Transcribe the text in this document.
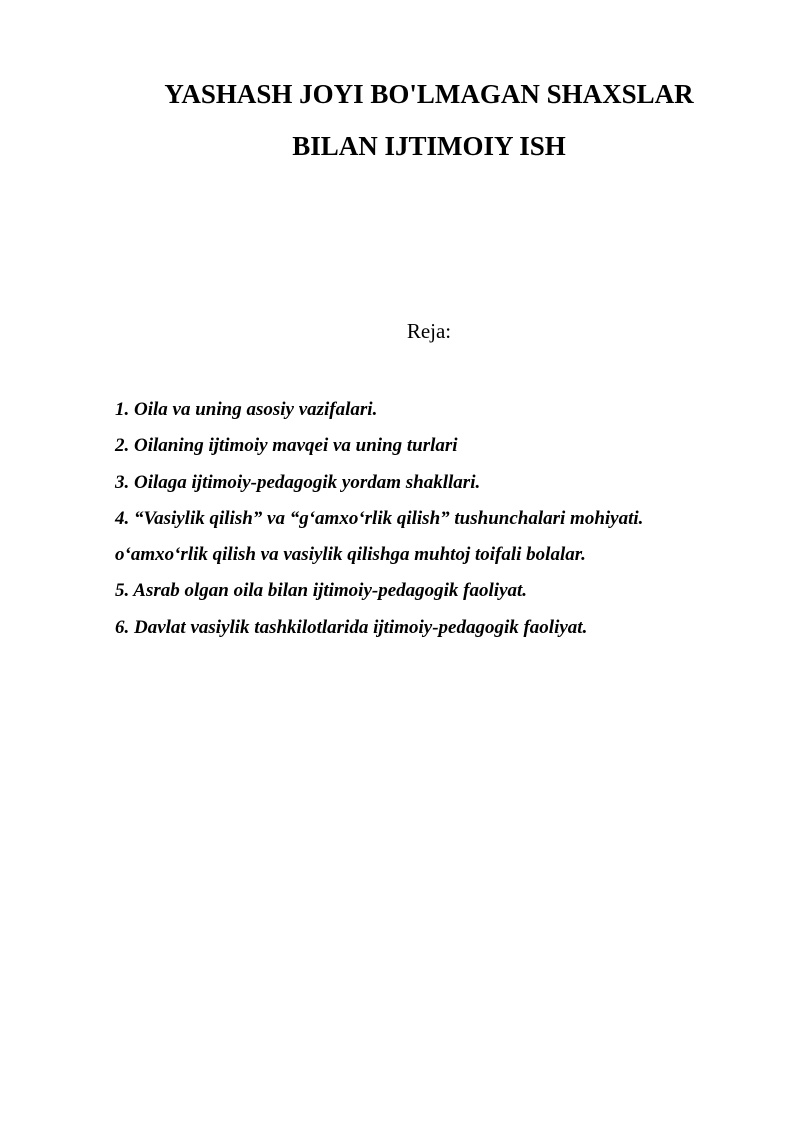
YASHASH JOYI BO'LMAGAN SHAXSLAR
BILAN IJTIMOIY ISH
Reja:
1. Oila va uning asosiy vazifalari.
2. Oilaning ijtimoiy mavqei va uning turlari
3. Oilaga ijtimoiy-pedagogik yordam shakllari.
4. “Vasiylik qilish” va “g‘amxo‘rlik qilish” tushunchalari mohiyati.
o‘amxo‘rlik qilish va vasiylik qilishga muhtoj toifali bolalar.
5. Asrab olgan oila bilan ijtimoiy-pedagogik faoliyat.
6. Davlat vasiylik tashkilotlarida ijtimoiy-pedagogik faoliyat.
